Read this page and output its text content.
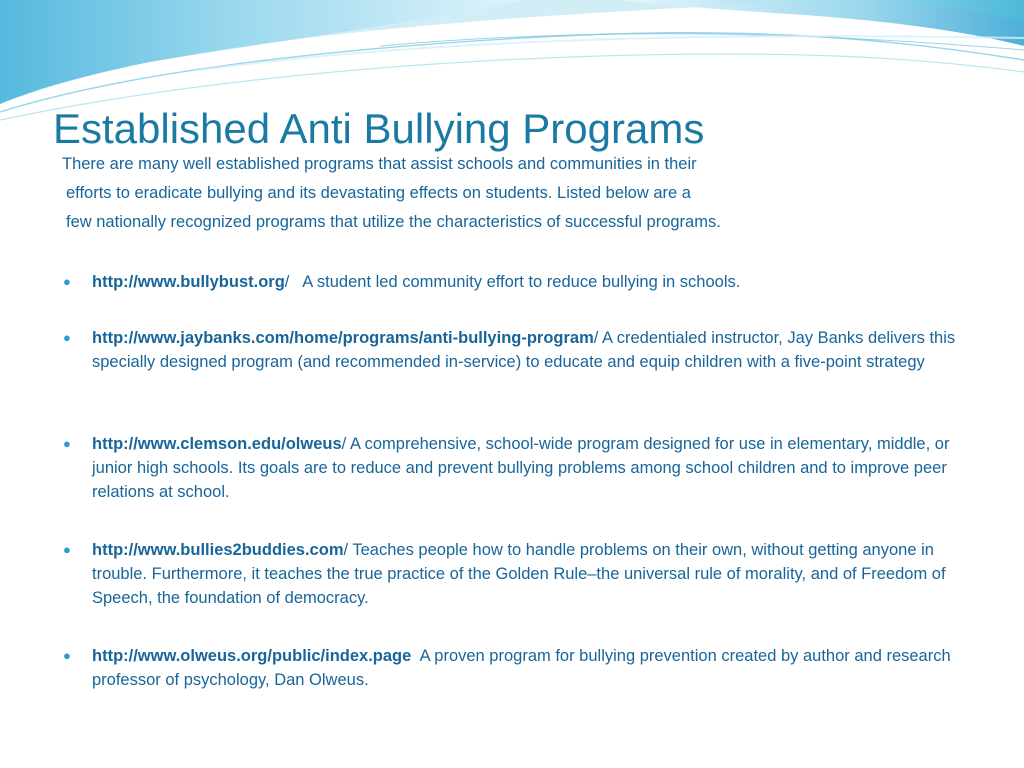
Established Anti Bullying Programs
There are many well established programs that assist schools and communities in their
efforts to eradicate bullying and its devastating effects on students. Listed below are a
few nationally recognized programs that utilize the characteristics of successful programs.
● http://www.bullybust.org/   A student led community effort to reduce bullying in schools.
● http://www.jaybanks.com/home/programs/anti-bullying-program/ A credentialed instructor, Jay Banks delivers this specially designed program (and recommended in-service) to educate and equip children with a five-point strategy
● http://www.clemson.edu/olweus/ A comprehensive, school-wide program designed for use in elementary, middle, or junior high schools. Its goals are to reduce and prevent bullying problems among school children and to improve peer relations at school.
● http://www.bullies2buddies.com/ Teaches people how to handle problems on their own, without getting anyone in trouble. Furthermore, it teaches the true practice of the Golden Rule–the universal rule of morality, and of Freedom of Speech, the foundation of democracy.
● http://www.olweus.org/public/index.page A proven program for bullying prevention created by author and research professor of psychology, Dan Olweus.
